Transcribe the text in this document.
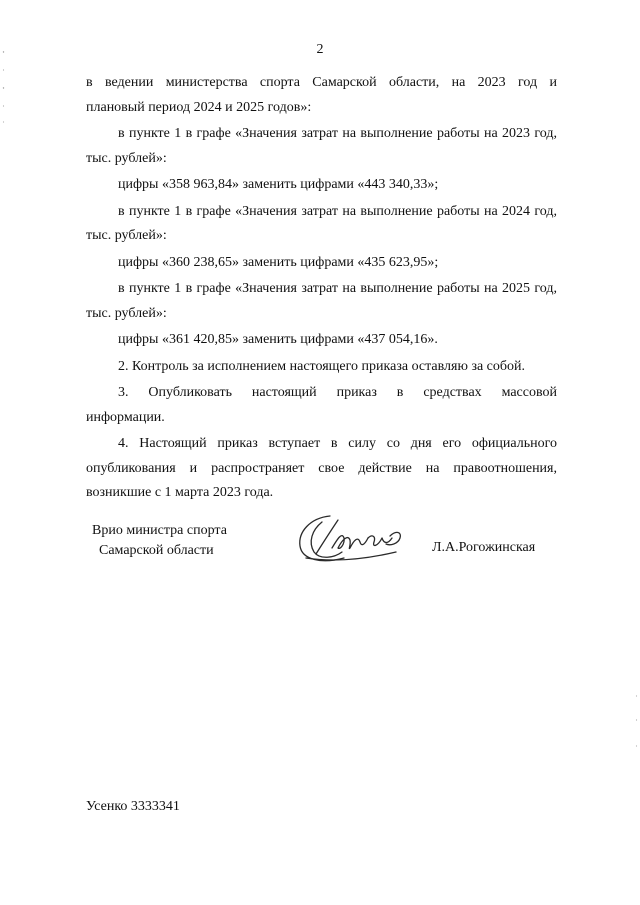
2

в ведении министерства спорта Самарской области, на 2023 год и

плановый период 2024 и 2025 годов»:

в пункте 1 в графе «Значения затрат на выполнение работы на 2023 год, тыс. рублей»:

цифры «358 963,84» заменить цифрами «443 340,33»;

в пункте 1 в графе «Значения затрат на выполнение работы на 2024 год, тыс. рублей»:

цифры «360 238,65» заменить цифрами «435 623,95»;

в пункте 1 в графе «Значения затрат на выполнение работы на 2025 год, тыс. рублей»:

цифры «361 420,85» заменить цифрами «437 054,16».

2. Контроль за исполнением настоящего приказа оставляю за собой.

3. Опубликовать настоящий приказ в средствах массовой

информации.

4. Настоящий приказ вступает в силу со дня его официального опубликования и распространяет свое действие на правоотношения, возникшие с 1 марта 2023 года.

Врио министра спорта
Самарской области	Л.А.Рогожинская
Усенко 3333341
